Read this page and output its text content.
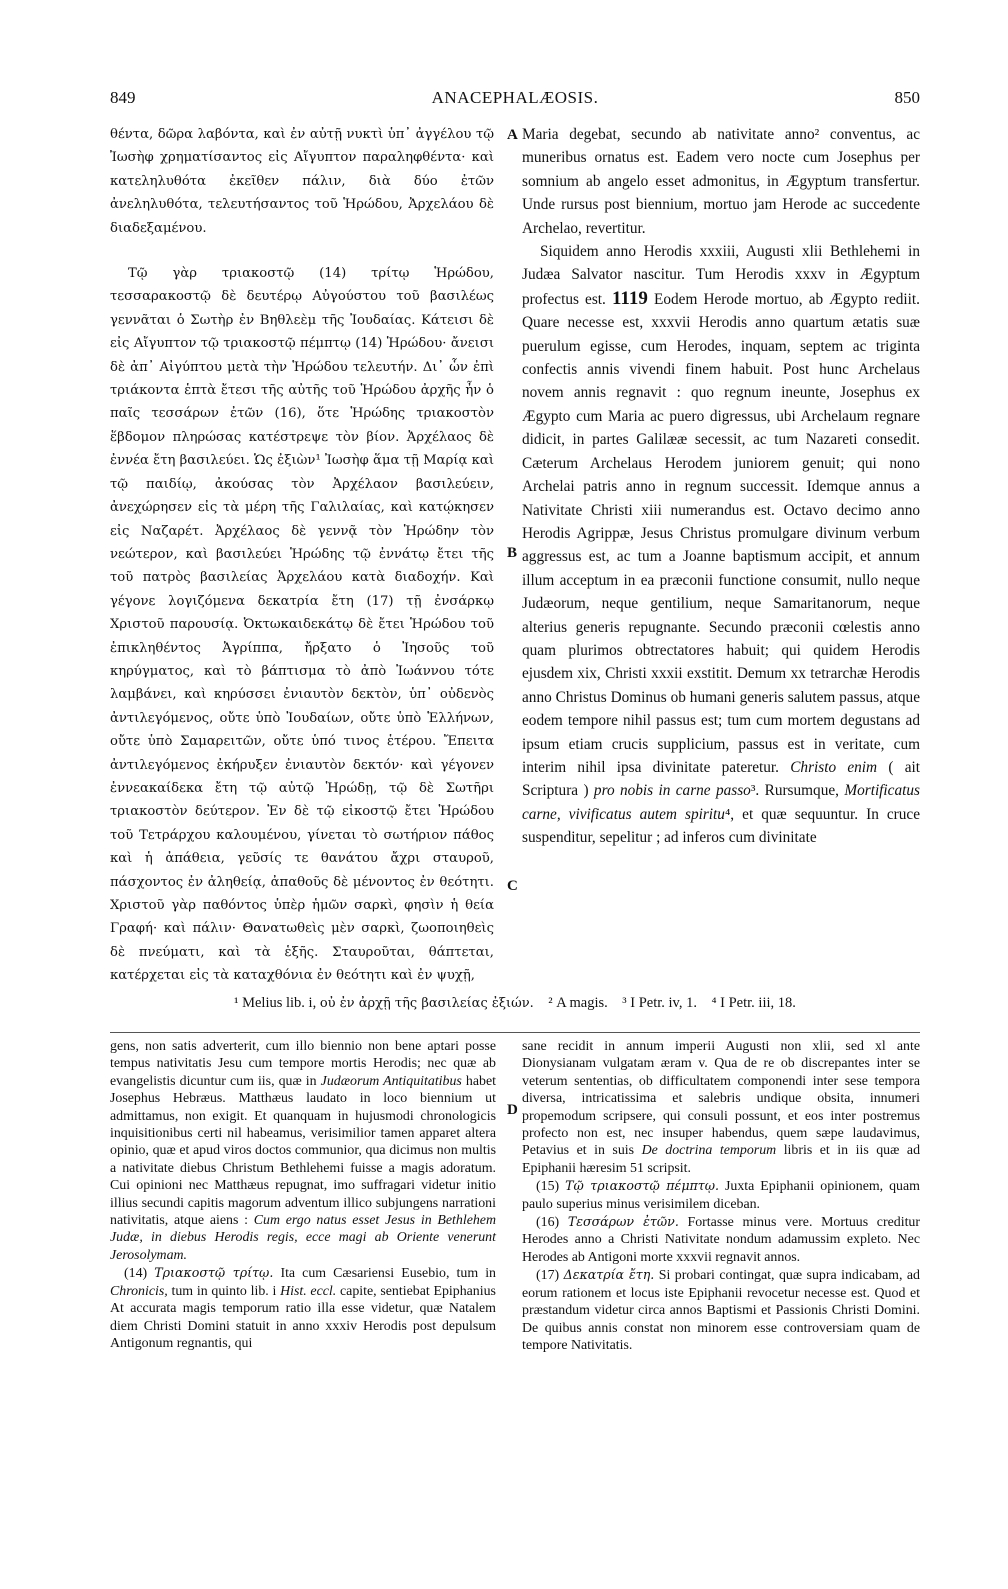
849	ANACEPHALÆOSIS.	850

θέντα, δῶρα λαβόντα, καὶ ἐν αὐτῇ νυκτὶ ὑπ᾽ ἀγγέλου τῷ Ἰωσὴφ χρηματίσαντος εἰς Αἴγυπτον παραληφθέντα· καὶ κατεληλυθότα ἐκεῖθεν πάλιν, διὰ δύο ἐτῶν ἀνεληλυθότα, τελευτήσαντος τοῦ Ἡρώδου, Ἀρχελάου δὲ διαδεξαμένου.

Τῷ γὰρ τριακοστῷ (14) τρίτῳ Ἡρώδου, τεσσαρακοστῷ δὲ δευτέρῳ Αὐγούστου τοῦ βασιλέως γεννᾶται ὁ Σωτὴρ ἐν Βηθλεὲμ τῆς Ἰουδαίας. Κάτεισι δὲ εἰς Αἴγυπτον τῷ τριακοστῷ πέμπτῳ (14) Ἡρώδου· ἄνεισι δὲ ἀπ᾽ Αἰγύπτου μετὰ τὴν Ἡρώδου τελευτήν. Δι᾽ ὧν ἐπὶ τριάκοντα ἑπτὰ ἔτεσι τῆς αὐτῆς τοῦ Ἡρώδου ἀρχῆς ἦν ὁ παῖς τεσσάρων ἐτῶν (16), ὅτε Ἡρώδης τριακοστὸν ἕβδομον πληρώσας κατέστρεψε τὸν βίον. Ἀρχέλαος δὲ ἐννέα ἔτη βασιλεύει. Ὡς ἐξιὼν¹ Ἰωσὴφ ἅμα τῇ Μαρίᾳ καὶ τῷ παιδίῳ, ἀκούσας τὸν Ἀρχέλαον βασιλεύειν, ἀνεχώρησεν εἰς τὰ μέρη τῆς Γαλιλαίας, καὶ κατῴκησεν εἰς Ναζαρέτ. Ἀρχέλαος δὲ γεννᾷ τὸν Ἡρώδην τὸν νεώτερον, καὶ βασιλεύει Ἡρώδης τῷ ἐννάτῳ ἔτει τῆς τοῦ πατρὸς βασιλείας Ἀρχελάου κατὰ διαδοχήν. Καὶ γέγονε λογιζόμενα δεκατρία ἔτη (17) τῇ ἐνσάρκῳ Χριστοῦ παρουσίᾳ. Ὀκτωκαιδεκάτῳ δὲ ἔτει Ἡρώδου τοῦ ἐπικληθέντος Ἀγρίππα, ἤρξατο ὁ Ἰησοῦς τοῦ κηρύγματος, καὶ τὸ βάπτισμα τὸ ἀπὸ Ἰωάννου τότε λαμβάνει, καὶ κηρύσσει ἐνιαυτὸν δεκτὸν, ὑπ᾽ οὐδενὸς ἀντιλεγόμενος, οὔτε ὑπὸ Ἰουδαίων, οὔτε ὑπὸ Ἑλλήνων, οὔτε ὑπὸ Σαμαρειτῶν, οὔτε ὑπό τινος ἑτέρου. Ἔπειτα ἀντιλεγόμενος ἐκήρυξεν ἐνιαυτὸν δεκτόν· καὶ γέγονεν ἐννεακαίδεκα ἔτη τῷ αὐτῷ Ἡρώδῃ, τῷ δὲ Σωτῆρι τριακοστὸν δεύτερον. Ἐν δὲ τῷ εἰκοστῷ ἔτει Ἡρώδου τοῦ Τετράρχου καλουμένου, γίνεται τὸ σωτήριον πάθος καὶ ἡ ἀπάθεια, γεῦσίς τε θανάτου ἄχρι σταυροῦ, πάσχοντος ἐν ἀληθείᾳ, ἀπαθοῦς δὲ μένοντος ἐν θεότητι. Χριστοῦ γὰρ παθόντος ὑπὲρ ἡμῶν σαρκὶ, φησὶν ἡ θεία Γραφή· καὶ πάλιν· Θανατωθεὶς μὲν σαρκὶ, ζωοποιηθεὶς δὲ πνεύματι, καὶ τὰ ἑξῆς. Σταυροῦται, θάπτεται, κατέρχεται εἰς τὰ καταχθόνια ἐν θεότητι καὶ ἐν ψυχῇ,

A
B
C

Maria degebat, secundo ab nativitate anno² conventus, ac muneribus ornatus est. Eadem vero nocte cum Josephus per somnium ab angelo esset admonitus, in Ægyptum transfertur. Unde rursus post biennium, mortuo jam Herode ac succedente Archelao, revertitur.

Siquidem anno Herodis xxxiii, Augusti xlii Bethlehemi in Judæa Salvator nascitur. Tum Herodis xxxv in Ægyptum profectus est. 1119 Eodem Herode mortuo, ab Ægypto rediit. Quare necesse est, xxxvii Herodis anno quartum ætatis suæ puerulum egisse, cum Herodes, inquam, septem ac triginta confectis annis vivendi finem habuit. Post hunc Archelaus novem annis regnavit : quo regnum ineunte, Josephus ex Ægypto cum Maria ac puero digressus, ubi Archelaum regnare didicit, in partes Galilææ secessit, ac tum Nazareti consedit. Cæterum Archelaus Herodem juniorem genuit; qui nono Archelai patris anno in regnum successit. Idemque annus a Nativitate Christi xiii numerandus est. Octavo decimo anno Herodis Agrippæ, Jesus Christus promulgare divinum verbum aggressus est, ac tum a Joanne baptismum accipit, et annum illum acceptum in ea præconii functione consumit, nullo neque Judæorum, neque gentilium, neque Samaritanorum, neque alterius generis repugnante. Secundo præconii cœlestis anno quam plurimos obtrectatores habuit; qui quidem Herodis ejusdem xix, Christi xxxii exstitit. Demum xx tetrarchæ Herodis anno Christus Dominus ob humani generis salutem passus, atque eodem tempore nihil passus est; tum cum mortem degustans ad ipsum etiam crucis supplicium, passus est in veritate, cum interim nihil ipsa divinitate pateretur. Christo enim ( ait Scriptura ) pro nobis in carne passo³. Rursumque, Mortificatus carne, vivificatus autem spiritu⁴, et quæ sequuntur. In cruce suspenditur, sepelitur ; ad inferos cum divinitate

¹ Melius lib. i, οὐ ἐν ἀρχῇ τῆς βασιλείας ἐξιών. ² A magis. ³ I Petr. iv, 1. ⁴ I Petr. iii, 18.
D

gens, non satis adverterit, cum illo biennio non bene aptari posse tempus nativitatis Jesu cum tempore mortis Herodis; nec quæ ab evangelistis dicuntur cum iis, quæ in Judæorum Antiquitatibus habet Josephus Hebræus. Matthæus laudato in loco biennium ut admittamus, non exigit. Et quanquam in hujusmodi chronologicis inquisitionibus certi nil habeamus, verisimilior tamen apparet altera opinio, quæ et apud viros doctos communior, qua dicimus non multis a nativitate diebus Christum Bethlehemi fuisse a magis adoratum. Cui opinioni nec Matthæus repugnat, imo suffragari videtur initio illius secundi capitis magorum adventum illico subjungens narrationi nativitatis, atque aiens : Cum ergo natus esset Jesus in Bethlehem Judæ, in diebus Herodis regis, ecce magi ab Oriente venerunt Jerosolymam.

(14) Τριακοστῷ τρίτῳ. Ita cum Cæsariensi Eusebio, tum in Chronicis, tum in quinto lib. i Hist. eccl. capite, sentiebat Epiphanius At accurata magis temporum ratio illa esse videtur, quæ Natalem diem Christi Domini statuit in anno xxxiv Herodis post depulsum Antigonum regnantis, qui

sane recidit in annum imperii Augusti non xlii, sed xl ante Dionysianam vulgatam æram v. Qua de re ob discrepantes inter se veterum sententias, ob difficultatem componendi inter sese tempora diversa, intricatissima et salebris undique obsita, innumeri propemodum scripsere, qui consuli possunt, et eos inter postremus profecto non est, nec insuper habendus, quem sæpe laudavimus, Petavius et in suis De doctrina temporum libris et in iis quæ ad Epiphanii hæresim 51 scripsit.

(15) Τῷ τριακοστῷ πέμπτῳ. Juxta Epiphanii opinionem, quam paulo superius minus verisimilem diceban.

(16) Τεσσάρων ἐτῶν. Fortasse minus vere. Mortuus creditur Herodes anno a Christi Nativitate nondum adamussim expleto. Nec Herodes ab Antigoni morte xxxvii regnavit annos.

(17) Δεκατρία ἔτη. Si probari contingat, quæ supra indicabam, ad eorum rationem et locus iste Epiphanii revocetur necesse est. Quod et præstandum videtur circa annos Baptismi et Passionis Christi Domini. De quibus annis constat non minorem esse controversiam quam de tempore Nativitatis.
